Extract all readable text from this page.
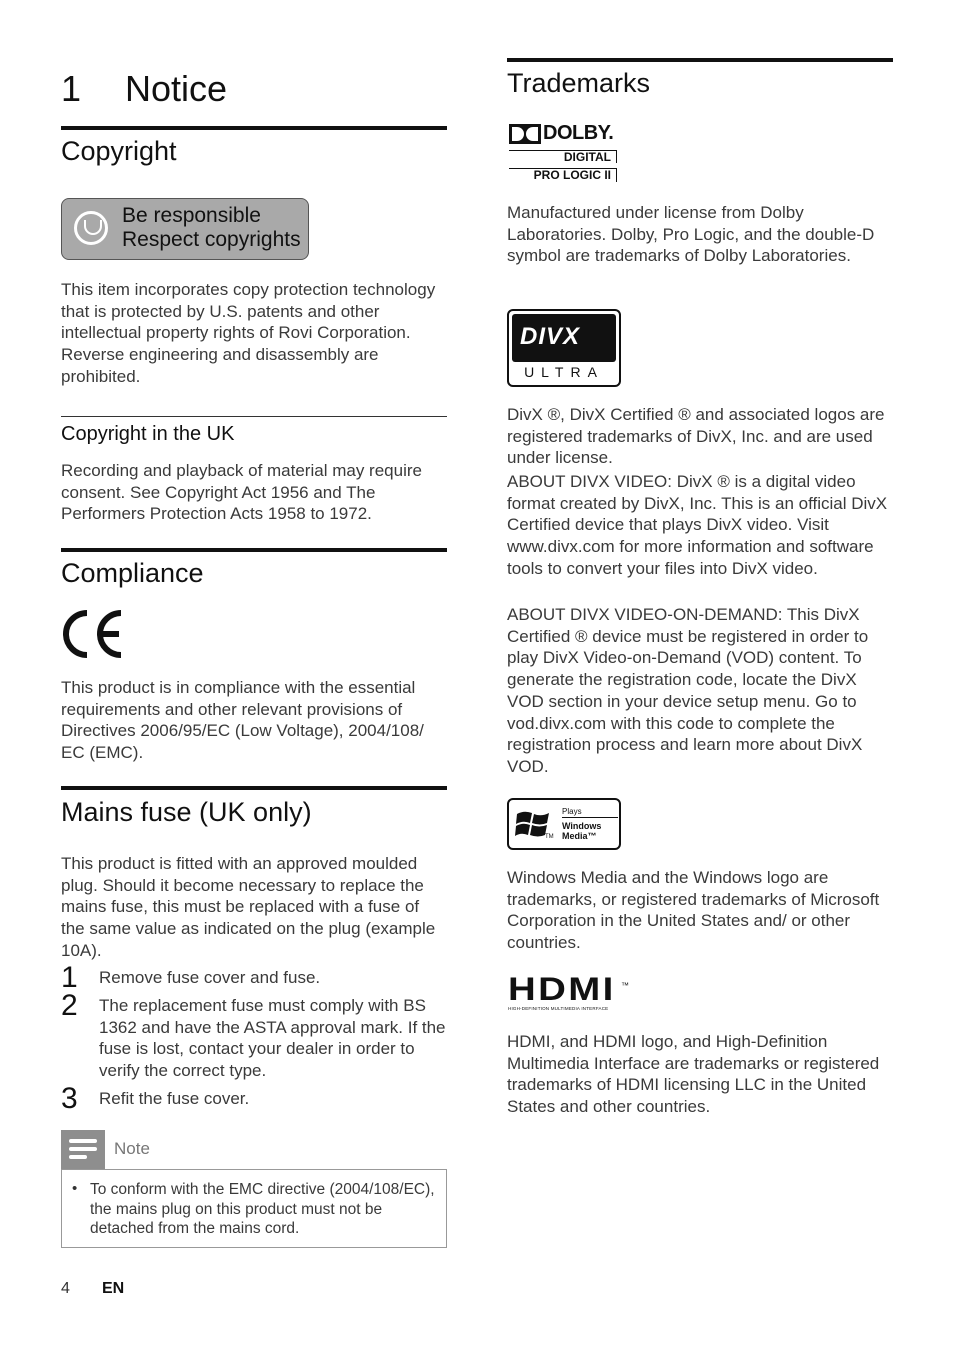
1 Notice
Copyright
Be responsible
Respect copyrights
This item incorporates copy protection technology that is protected by U.S. patents and other intellectual property rights of Rovi Corporation. Reverse engineering and disassembly are prohibited.
Copyright in the UK
Recording and playback of material may require consent. See Copyright Act 1956 and The Performers Protection Acts 1958 to 1972.
Compliance
This product is in compliance with the essential requirements and other relevant provisions of Directives 2006/95/EC (Low Voltage), 2004/108/ EC (EMC).
Mains fuse (UK only)
This product is fitted with an approved moulded plug. Should it become necessary to replace the mains fuse, this must be replaced with a fuse of the same value as indicated on the plug (example 10A).
1 Remove fuse cover and fuse.
2 The replacement fuse must comply with BS 1362 and have the ASTA approval mark. If the fuse is lost, contact your dealer in order to verify the correct type.
3 Refit the fuse cover.
Note
• To conform with the EMC directive (2004/108/EC), the mains plug on this product must not be detached from the mains cord.
4 EN
Trademarks
DOLBY.
DIGITAL
PRO LOGIC II
Manufactured under license from Dolby Laboratories. Dolby, Pro Logic, and the double-D symbol are trademarks of Dolby Laboratories.
DIVX
ULTRA
DivX ®, DivX Certified ® and associated logos are registered trademarks of DivX, Inc. and are used under license.
ABOUT DIVX VIDEO: DivX ® is a digital video format created by DivX, Inc. This is an official DivX Certified device that plays DivX video. Visit www.divx.com for more information and software tools to convert your files into DivX video.
ABOUT DIVX VIDEO-ON-DEMAND: This DivX Certified ® device must be registered in order to play DivX Video-on-Demand (VOD) content. To generate the registration code, locate the DivX VOD section in your device setup menu. Go to vod.divx.com with this code to complete the registration process and learn more about DivX VOD.
TM
Plays
Windows
Media™
Windows Media and the Windows logo are trademarks, or registered trademarks of Microsoft Corporation in the United States and/ or other countries.
HDMI ™
HIGH-DEFINITION MULTIMEDIA INTERFACE
HDMI, and HDMI logo, and High-Definition Multimedia Interface are trademarks or registered trademarks of HDMI licensing LLC in the United States and other countries.
